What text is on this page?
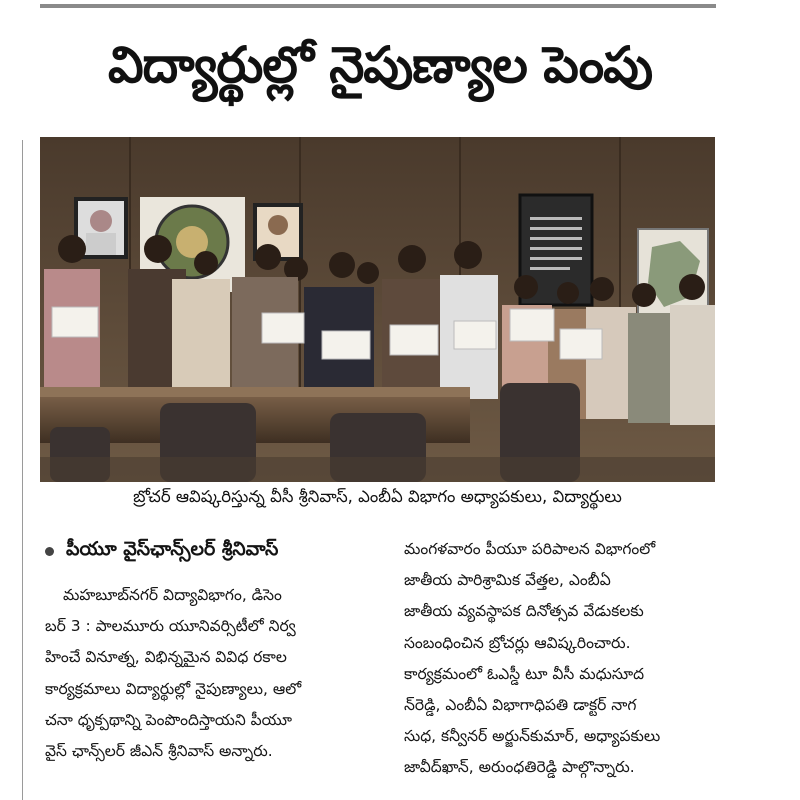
విద్యార్థుల్లో నైపుణ్యాల పెంపు
బ్రోచర్ ఆవిష్కరిస్తున్న వీసీ శ్రీనివాస్, ఎంబీఏ విభాగం అధ్యాపకులు, విద్యార్థులు
పీయూ వైస్‌ఛాన్స్‌లర్ శ్రీనివాస్
మహబూబ్‌నగర్ విద్యావిభాగం, డిసెం
బర్ 3 : పాలమూరు యూనివర్సిటీలో నిర్వ
హించే వినూత్న, విభిన్నమైన వివిధ రకాల
కార్యక్రమాలు విద్యార్థుల్లో నైపుణ్యాలు, ఆలో
చనా ధృక్పథాన్ని పెంపొందిస్తాయని పీయూ
వైస్ ఛాన్స్‌లర్ జీఎన్ శ్రీనివాస్ అన్నారు.
మంగళవారం పీయూ పరిపాలన విభాగంలో
జాతీయ పారిశ్రామిక వేత్తల, ఎంబీఏ
జాతీయ వ్యవస్థాపక దినోత్సవ వేడుకలకు
సంబంధించిన బ్రోచర్లు ఆవిష్కరించారు.
కార్యక్రమంలో ఓఎస్డీ టూ వీసీ మధుసూద
న్‌రెడ్డి, ఎంబీఏ విభాగాధిపతి డాక్టర్ నాగ
సుధ, కన్వీనర్ అర్జున్‌కుమార్, అధ్యాపకులు
జావీద్‌ఖాన్, అరుంధతిరెడ్డి పాల్గొన్నారు.
